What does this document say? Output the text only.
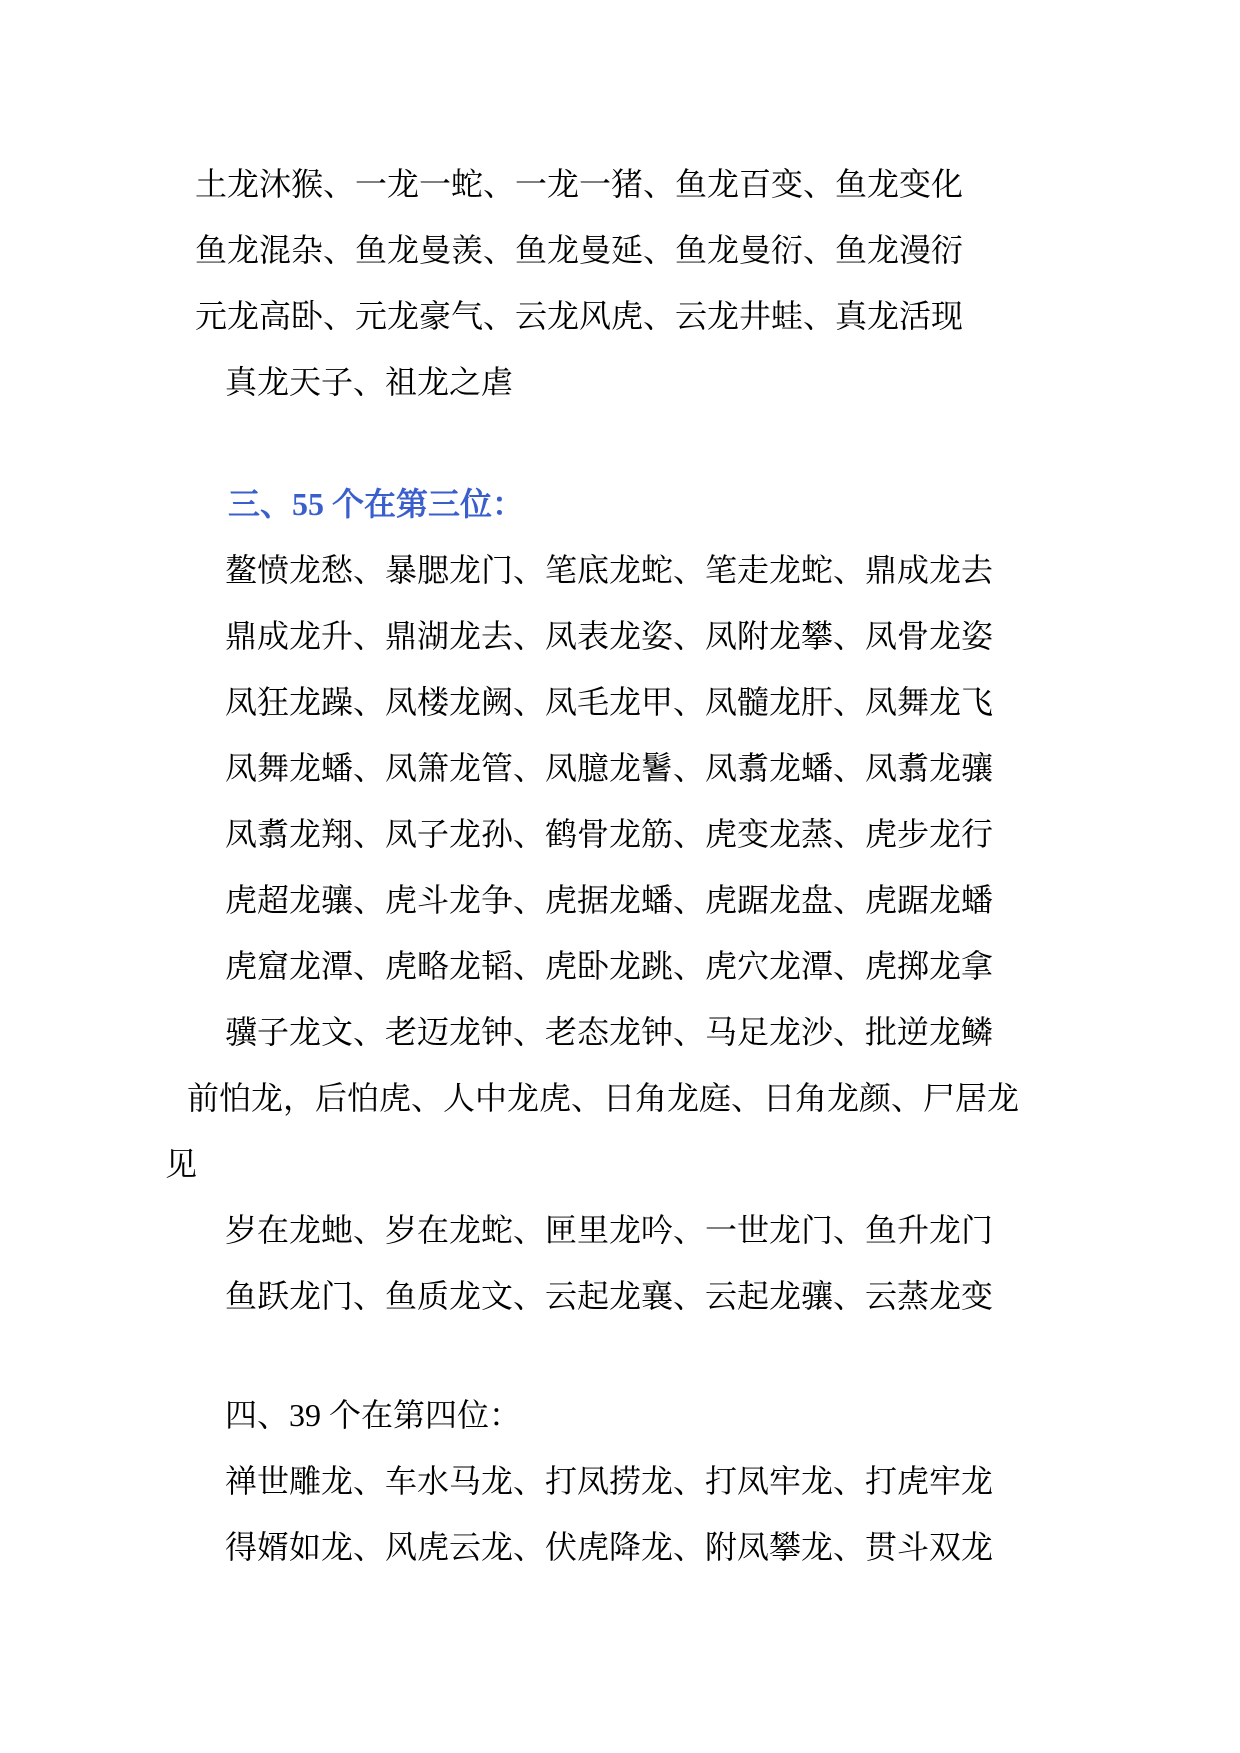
土龙沐猴、一龙一蛇、一龙一猪、鱼龙百变、鱼龙变化

鱼龙混杂、鱼龙曼羡、鱼龙曼延、鱼龙曼衍、鱼龙漫衍

元龙高卧、元龙豪气、云龙风虎、云龙井蛙、真龙活现

真龙天子、祖龙之虐

三、55 个在第三位：

鳌愤龙愁、暴腮龙门、笔底龙蛇、笔走龙蛇、鼎成龙去

鼎成龙升、鼎湖龙去、凤表龙姿、凤附龙攀、凤骨龙姿

凤狂龙躁、凤楼龙阙、凤毛龙甲、凤髓龙肝、凤舞龙飞

凤舞龙蟠、凤箫龙管、凤臆龙鬐、凤翥龙蟠、凤翥龙骧

凤翥龙翔、凤子龙孙、鹤骨龙筋、虎变龙蒸、虎步龙行

虎超龙骧、虎斗龙争、虎据龙蟠、虎踞龙盘、虎踞龙蟠

虎窟龙潭、虎略龙韬、虎卧龙跳、虎穴龙潭、虎掷龙拿

骥子龙文、老迈龙钟、老态龙钟、马足龙沙、批逆龙鳞

前怕龙，后怕虎、人中龙虎、日角龙庭、日角龙颜、尸居龙

见

岁在龙虵、岁在龙蛇、匣里龙吟、一世龙门、鱼升龙门

鱼跃龙门、鱼质龙文、云起龙襄、云起龙骧、云蒸龙变

四、39 个在第四位：

禅世雕龙、车水马龙、打凤捞龙、打凤牢龙、打虎牢龙

得婿如龙、风虎云龙、伏虎降龙、附凤攀龙、贯斗双龙
